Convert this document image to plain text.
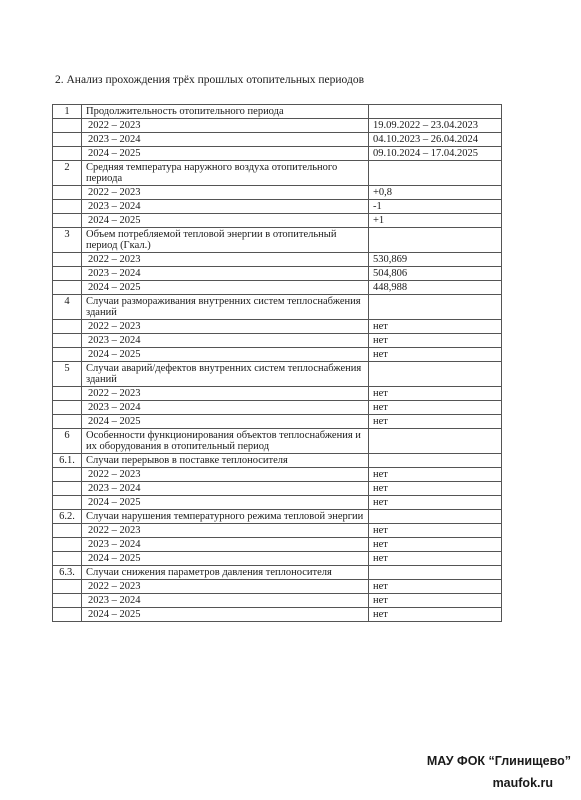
2. Анализ прохождения трёх прошлых отопительных периодов
1	Продолжительность отопительного периода	
	2022 – 2023	19.09.2022 – 23.04.2023
	2023 – 2024	04.10.2023 – 26.04.2024
	2024 – 2025	09.10.2024 – 17.04.2025
2	Средняя температура наружного воздуха отопительного периода	
	2022 – 2023	+0,8
	2023 – 2024	-1
	2024 – 2025	+1
3	Объем потребляемой тепловой энергии в отопительный период (Гкал.)	
	2022 – 2023	530,869
	2023 – 2024	504,806
	2024 – 2025	448,988
4	Случаи размораживания внутренних систем теплоснабжения зданий	
	2022 – 2023	нет
	2023 – 2024	нет
	2024 – 2025	нет
5	Случаи аварий/дефектов внутренних систем теплоснабжения зданий	
	2022 – 2023	нет
	2023 – 2024	нет
	2024 – 2025	нет
6	Особенности функционирования объектов теплоснабжения и их оборудования в отопительный период	
6.1.	Случаи перерывов в поставке теплоносителя	
	2022 – 2023	нет
	2023 – 2024	нет
	2024 – 2025	нет
6.2.	Случаи нарушения температурного режима тепловой энергии	
	2022 – 2023	нет
	2023 – 2024	нет
	2024 – 2025	нет
6.3.	Случаи снижения параметров давления теплоносителя	
	2022 – 2023	нет
	2023 – 2024	нет
	2024 – 2025	нет
МАУ ФОК “Глинищево”
maufok.ru
